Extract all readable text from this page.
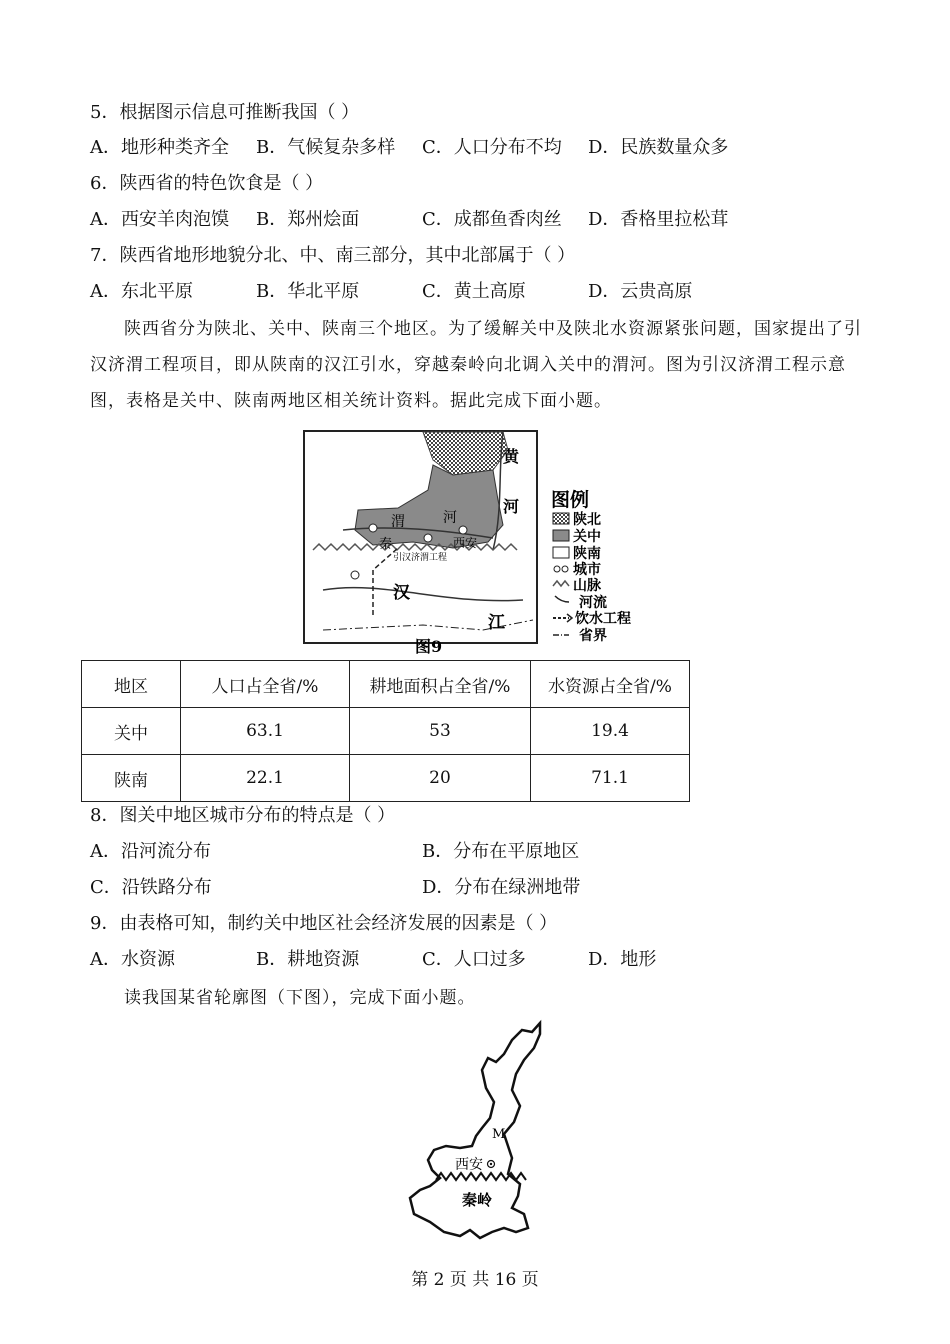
5．根据图示信息可推断我国（ ）
A．地形种类齐全 B．气候复杂多样 C．人口分布不均 D．民族数量众多
6．陕西省的特色饮食是（ ）
A．西安羊肉泡馍 B．郑州烩面	C．成都鱼香肉丝 D．香格里拉松茸
7．陕西省地形地貌分北、中、南三部分，其中北部属于（ ）
A．东北平原	B．华北平原	C．黄土高原	D．云贵高原
陕西省分为陕北、关中、陕南三个地区。为了缓解关中及陕北水资源紧张问题，国家提出了引汉济渭工程项目，即从陕南的汉江引水，穿越秦岭向北调入关中的渭河。图为引汉济渭工程示意图，表格是关中、陕南两地区相关统计资料。据此完成下面小题。
黄
河
渭	河
西安
秦
引汉济渭工程
汉
江
图例
陕北
关中
陕南
城市
山脉
河流
饮水工程
省界
图9
地区	人口占全省/%	耕地面积占全省/%	水资源占全省/%
关中	63.1	53	19.4
陕南	22.1	20	71.1
8．图关中地区城市分布的特点是（ ）
A．沿河流分布	B．分布在平原地区
C．沿铁路分布	D．分布在绿洲地带
9．由表格可知，制约关中地区社会经济发展的因素是（ ）
A．水资源	B．耕地资源	C．人口过多	D．地形
读我国某省轮廓图（下图），完成下面小题。
M
西安
秦岭
第 2 页 共 16 页
